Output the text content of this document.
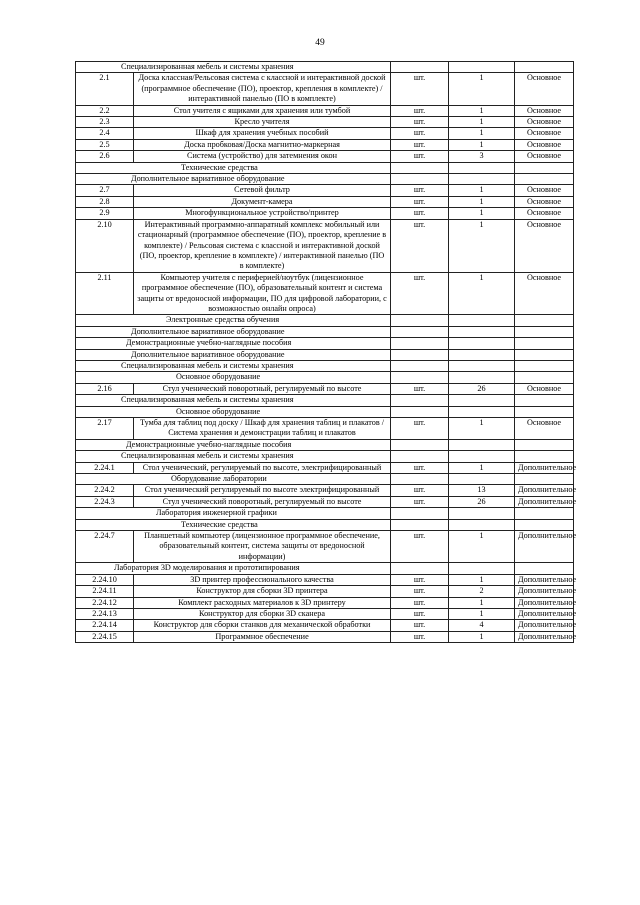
49
Специализированная мебель и системы хранения				
2.1	Доска классная/Рельсовая система с классной и интерактивной доской (программное обеспечение (ПО), проектор, крепления в комплекте) / интерактивной панелью (ПО в комплекте)	шт.	1	Основное
2.2	Стол учителя с ящиками для хранения или тумбой	шт.	1	Основное
2.3	Кресло учителя	шт.	1	Основное
2.4	Шкаф для хранения учебных пособий	шт.	1	Основное
2.5	Доска пробковая/Доска магнитно-маркерная	шт.	1	Основное
2.6	Система (устройство) для затемнения окон	шт.	3	Основное
Технические средства				
Дополнительное вариативное оборудование				
2.7	Сетевой фильтр	шт.	1	Основное
2.8	Документ-камера	шт.	1	Основное
2.9	Многофункциональное устройство/принтер	шт.	1	Основное
2.10	Интерактивный программно-аппаратный комплекс мобильный или стационарный (программное обеспечение (ПО), проектор, крепление в комплекте) / Рельсовая система с классной и интерактивной доской (ПО, проектор, крепление в комплекте) / интерактивной панелью (ПО в комплекте)	шт.	1	Основное
2.11	Компьютер учителя с периферией/ноутбук (лицензионное программное обеспечение (ПО), образовательный контент и система защиты от вредоносной информации, ПО для цифровой лаборатории, с возможностью онлайн опроса)	шт.	1	Основное
Электронные средства обучения				
Дополнительное вариативное оборудование				
Демонстрационные учебно-наглядные пособия				
Дополнительное вариативное оборудование				
Специализированная мебель и системы хранения				
Основное оборудование				
2.16	Стул ученический поворотный, регулируемый по высоте	шт.	26	Основное
Специализированная мебель и системы хранения				
Основное оборудование				
2.17	Тумба для таблиц под доску / Шкаф для хранения таблиц и плакатов / Система хранения и демонстрации таблиц и плакатов	шт.	1	Основное
Демонстрационные учебно-наглядные пособия				
Специализированная мебель и системы хранения				
2.24.1	Стол ученический, регулируемый по высоте, электрифицированный	шт.	1	Дополнительное
Оборудование лаборатории				
2.24.2	Стол ученический регулируемый по высоте электрифицированный	шт.	13	Дополнительное
2.24.3	Стул ученический поворотный, регулируемый по высоте	шт.	26	Дополнительное
Лаборатория инженерной графики				
Технические средства				
2.24.7	Планшетный компьютер (лицензионное программное обеспечение, образовательный контент, система защиты от вредоносной информации)	шт.	1	Дополнительное
Лаборатория 3D моделирования и прототипирования				
2.24.10	3D принтер профессионального качества	шт.	1	Дополнительное
2.24.11	Конструктор для сборки 3D принтера	шт.	2	Дополнительное
2.24.12	Комплект расходных материалов к 3D принтеру	шт.	1	Дополнительное
2.24.13	Конструктор для сборки 3D сканера	шт.	1	Дополнительное
2.24.14	Конструктор для сборки станков для механической обработки	шт.	4	Дополнительное
2.24.15	Программное обеспечение	шт.	1	Дополнительное
